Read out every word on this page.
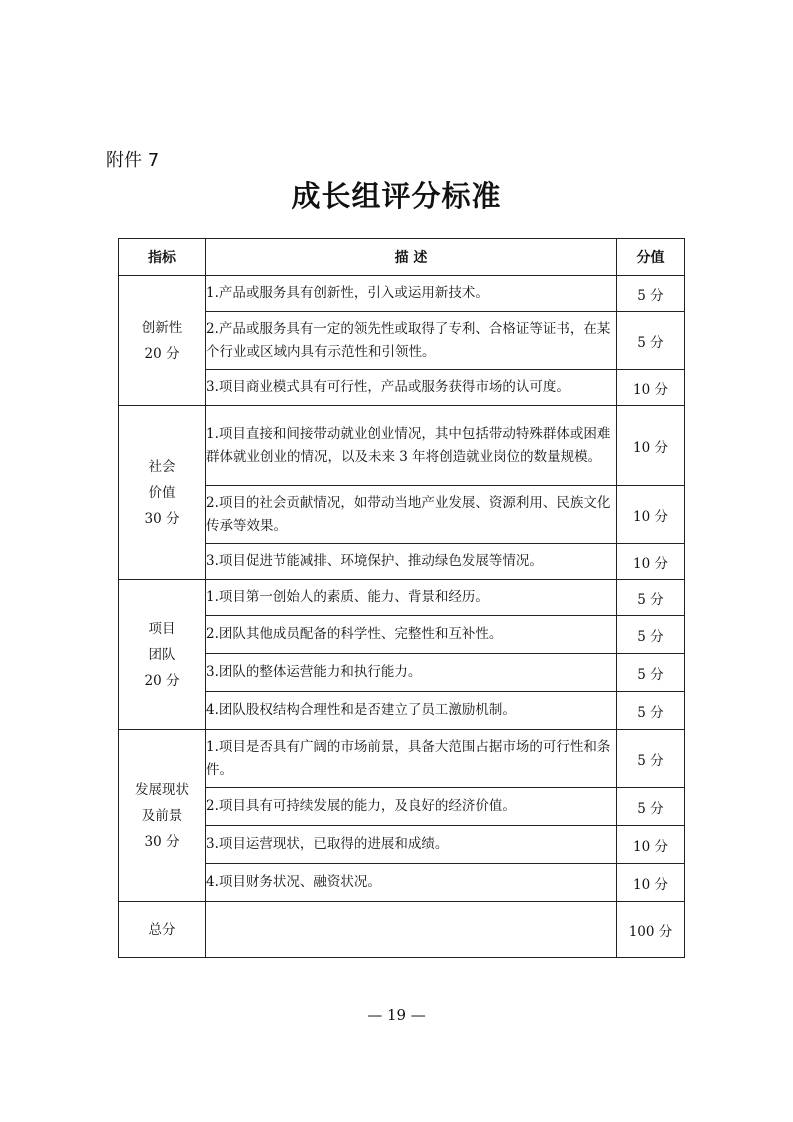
附件 7
成长组评分标准
指标	描 述	分值

创新性
20 分	1.产品或服务具有创新性，引入或运用新技术。	5 分
	2.产品或服务具有一定的领先性或取得了专利、合格证等证书，在某个行业或区域内具有示范性和引领性。	5 分
	3.项目商业模式具有可行性，产品或服务获得市场的认可度。	10 分

社会
价值
30 分	1.项目直接和间接带动就业创业情况，其中包括带动特殊群体或困难群体就业创业的情况，以及未来 3 年将创造就业岗位的数量规模。	10 分
	2.项目的社会贡献情况，如带动当地产业发展、资源利用、民族文化传承等效果。	10 分
	3.项目促进节能减排、环境保护、推动绿色发展等情况。	10 分

项目
团队
20 分	1.项目第一创始人的素质、能力、背景和经历。	5 分
	2.团队其他成员配备的科学性、完整性和互补性。	5 分
	3.团队的整体运营能力和执行能力。	5 分
	4.团队股权结构合理性和是否建立了员工激励机制。	5 分

发展现状
及前景
30 分	1.项目是否具有广阔的市场前景，具备大范围占据市场的可行性和条件。	5 分
	2.项目具有可持续发展的能力，及良好的经济价值。	5 分
	3.项目运营现状，已取得的进展和成绩。	10 分
	4.项目财务状况、融资状况。	10 分
总分		100 分
— 19 —
